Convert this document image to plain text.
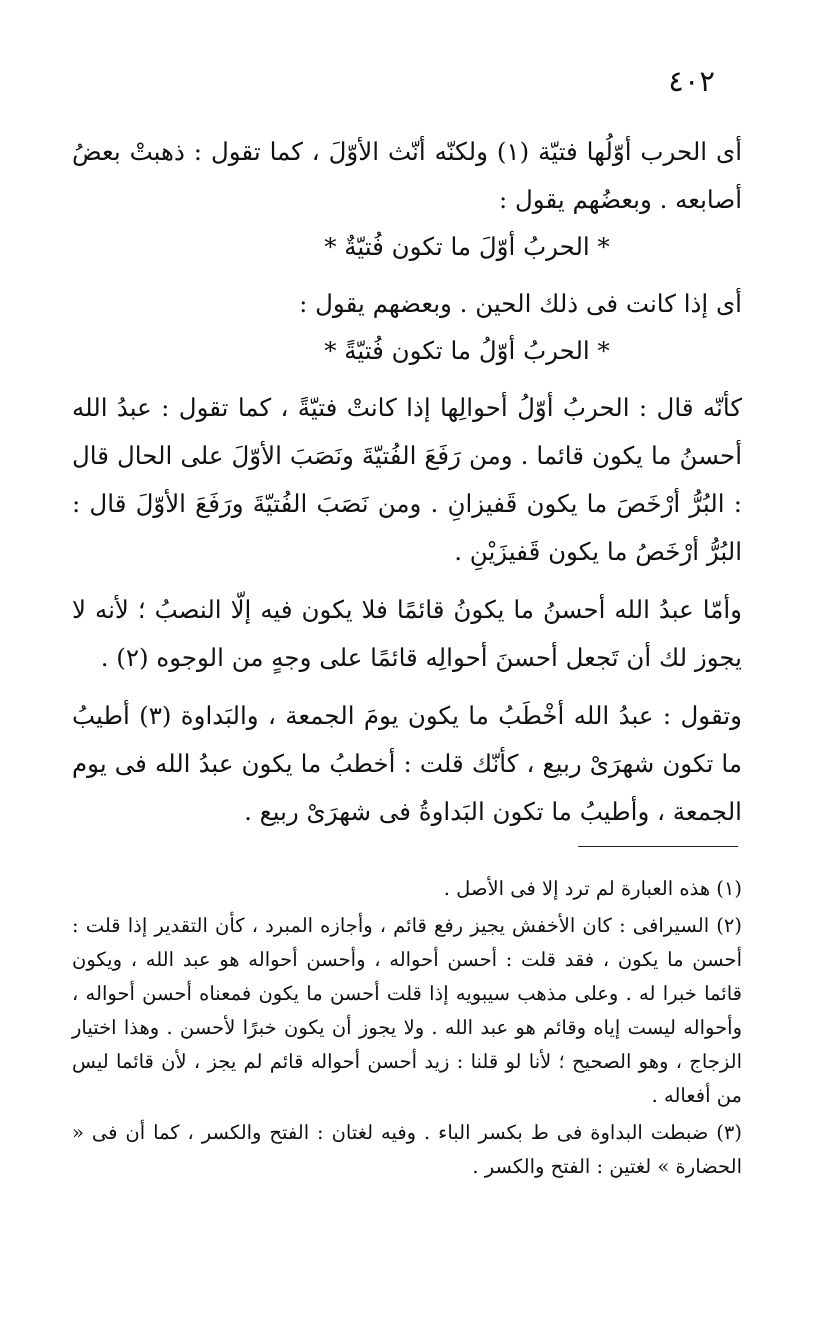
٤٠٢

أى الحرب أوّلُها فتيّة (١) ولكنّه أنّث الأوّلَ ، كما تقول : ذهبتْ بعضُ أصابعه . وبعضُهم يقول :

* الحربُ أوّلَ ما تكون فُتيّةٌ *

أى إذا كانت فى ذلك الحين . وبعضهم يقول :

* الحربُ أوّلُ ما تكون فُتيّةً *

كأنّه قال : الحربُ أوّلُ أحوالِها إذا كانتْ فتيّةً ، كما تقول : عبدُ الله أحسنُ ما يكون قائما . ومن رَفَعَ الفُتيّةَ ونَصَبَ الأوّلَ على الحال قال : البُرُّ أرْخَصَ ما يكون قَفيزانِ . ومن نَصَبَ الفُتيّةَ ورَفَعَ الأوّلَ قال : البُرُّ أرْخَصُ ما يكون قَفيزَيْنِ .

وأمّا عبدُ الله أحسنُ ما يكونُ قائمًا فلا يكون فيه إلّا النصبُ ؛ لأنه لا يجوز لك أن تَجعل أحسنَ أحوالِه قائمًا على وجهٍ من الوجوه (٢) .

وتقول : عبدُ الله أخْطَبُ ما يكون يومَ الجمعة ، والبَداوة (٣) أطيبُ ما تكون شهرَىْ ربيع ، كأنّك قلت : أخطبُ ما يكون عبدُ الله فى يوم الجمعة ، وأطيبُ ما تكون البَداوةُ فى شهرَىْ ربيع .

(١) هذه العبارة لم ترد إلا فى الأصل .

(٢) السيرافى : كان الأخفش يجيز رفع قائم ، وأجازه المبرد ، كأن التقدير إذا قلت : أحسن ما يكون ، فقد قلت : أحسن أحواله ، وأحسن أحواله هو عبد الله ، ويكون قائما خبرا له . وعلى مذهب سيبويه إذا قلت أحسن ما يكون فمعناه أحسن أحواله ، وأحواله ليست إياه وقائم هو عبد الله . ولا يجوز أن يكون خبرًا لأحسن . وهذا اختيار الزجاج ، وهو الصحيح ؛ لأنا لو قلنا : زيد أحسن أحواله قائم لم يجز ، لأن قائما ليس من أفعاله .

(٣) ضبطت البداوة فى ط بكسر الباء . وفيه لغتان : الفتح والكسر ، كما أن فى « الحضارة » لغتين : الفتح والكسر .
